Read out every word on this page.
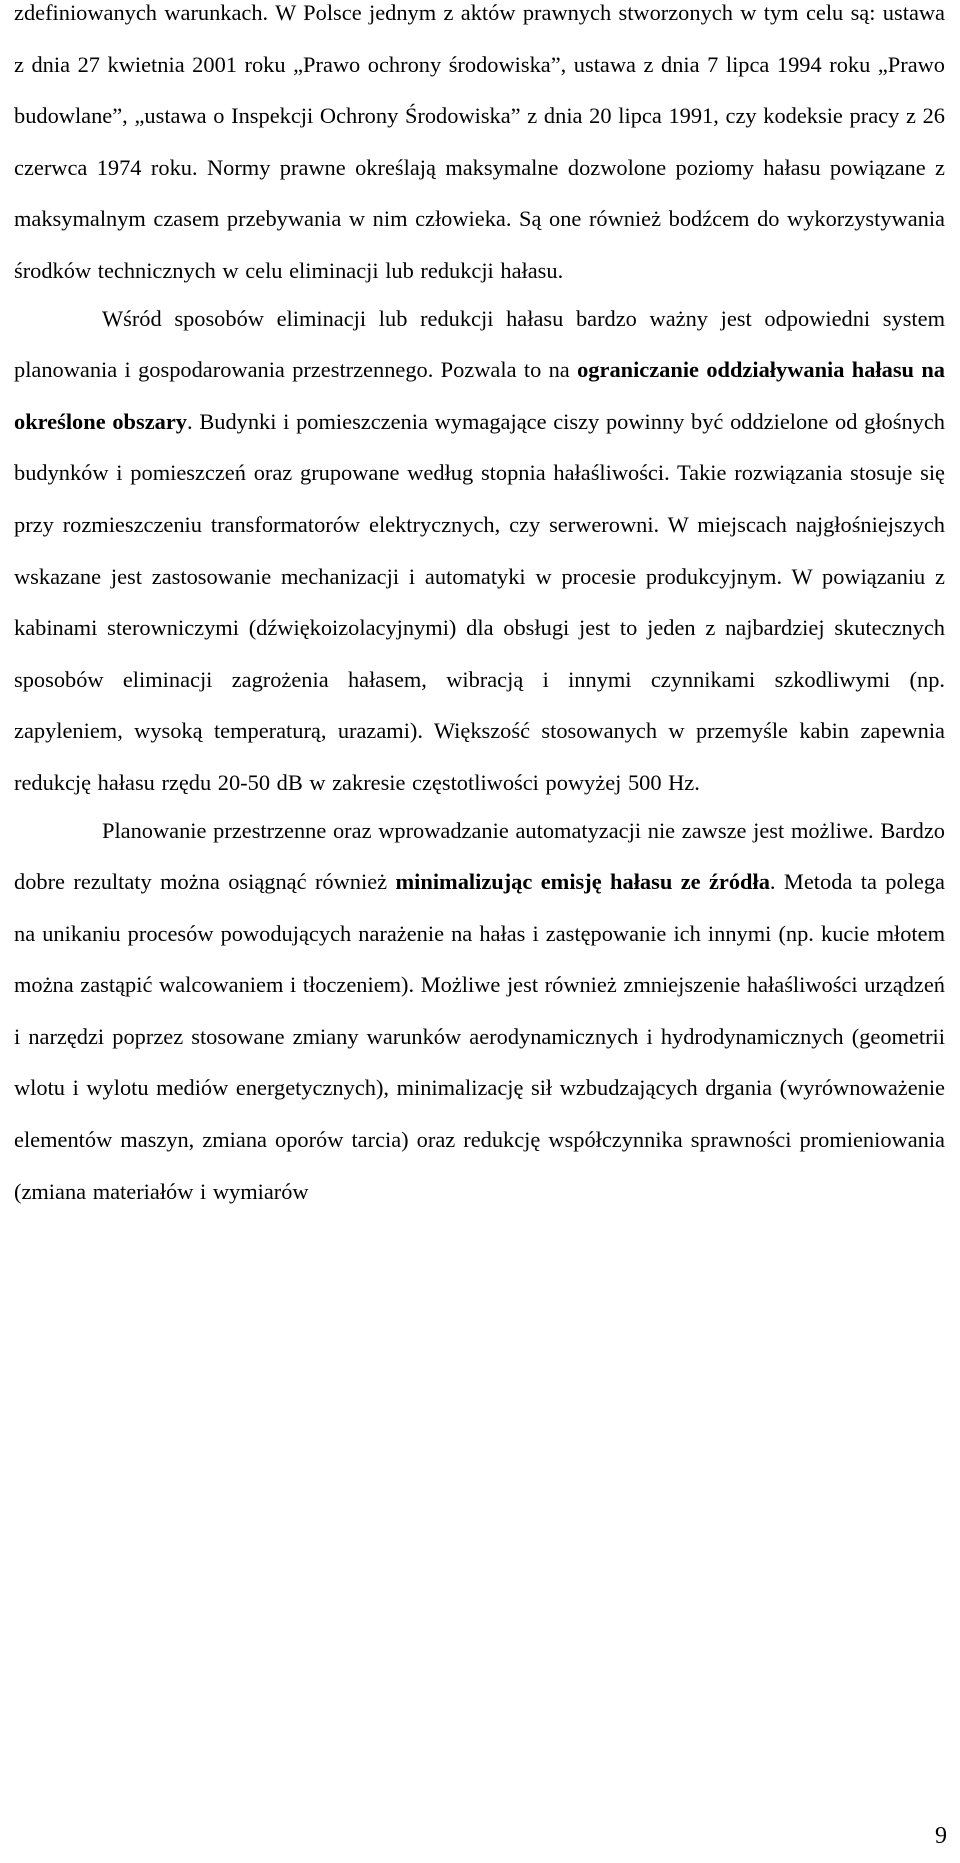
zdefiniowanych warunkach. W Polsce jednym z aktów prawnych stworzonych w tym celu są: ustawa z dnia 27 kwietnia 2001 roku „Prawo ochrony środowiska”, ustawa z dnia 7 lipca 1994 roku „Prawo budowlane”, „ustawa o Inspekcji Ochrony Środowiska” z dnia 20 lipca 1991, czy kodeksie pracy z 26 czerwca 1974 roku. Normy prawne określają maksymalne dozwolone poziomy hałasu powiązane z maksymalnym czasem przebywania w nim człowieka. Są one również bodźcem do wykorzystywania środków technicznych w celu eliminacji lub redukcji hałasu.

Wśród sposobów eliminacji lub redukcji hałasu bardzo ważny jest odpowiedni system planowania i gospodarowania przestrzennego. Pozwala to na ograniczanie oddziaływania hałasu na określone obszary. Budynki i pomieszczenia wymagające ciszy powinny być oddzielone od głośnych budynków i pomieszczeń oraz grupowane według stopnia hałaśliwości. Takie rozwiązania stosuje się przy rozmieszczeniu transformatorów elektrycznych, czy serwerowni. W miejscach najgłośniejszych wskazane jest zastosowanie mechanizacji i automatyki w procesie produkcyjnym. W powiązaniu z kabinami sterowniczymi (dźwiękoizolacyjnymi) dla obsługi jest to jeden z najbardziej skutecznych sposobów eliminacji zagrożenia hałasem, wibracją i innymi czynnikami szkodliwymi (np. zapyleniem, wysoką temperaturą, urazami). Większość stosowanych w przemyśle kabin zapewnia redukcję hałasu rzędu 20-50 dB w zakresie częstotliwości powyżej 500 Hz.

Planowanie przestrzenne oraz wprowadzanie automatyzacji nie zawsze jest możliwe. Bardzo dobre rezultaty można osiągnąć również minimalizując emisję hałasu ze źródła. Metoda ta polega na unikaniu procesów powodujących narażenie na hałas i zastępowanie ich innymi (np. kucie młotem można zastąpić walcowaniem i tłoczeniem). Możliwe jest również zmniejszenie hałaśliwości urządzeń i narzędzi poprzez stosowane zmiany warunków aerodynamicznych i hydrodynamicznych (geometrii wlotu i wylotu mediów energetycznych), minimalizację sił wzbudzających drgania (wyrównoważenie elementów maszyn, zmiana oporów tarcia) oraz redukcję współczynnika sprawności promieniowania (zmiana materiałów i wymiarów

9
